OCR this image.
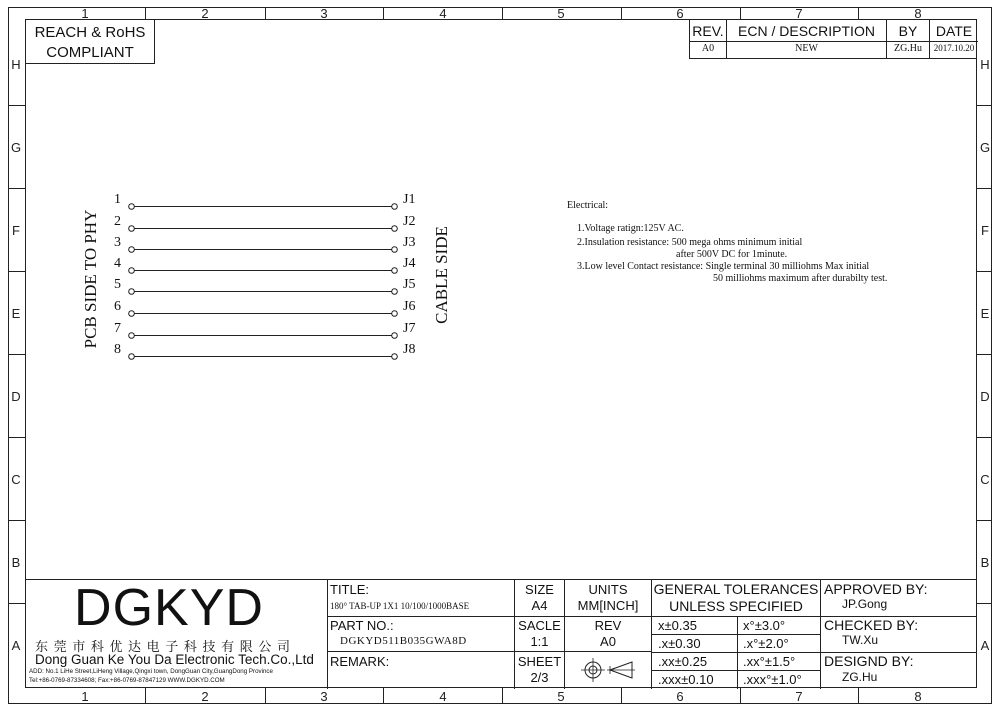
1	2	3	4	5	6	7	8
1	2	3	4	5	6	7	8
H
G
F
E
D
C
B
A
H
G
F
E
D
C
B
A
REACH & RoHS
COMPLIANT
REV.	ECN / DESCRIPTION	BY	DATE
A0	NEW	ZG.Hu	2017.10.20
PCB SIDE TO PHY	CABLE SIDE
1	J1
2	J2
3	J3
4	J4
5	J5
6	J6
7	J7
8	J8
Electrical:
1.Voltage ratign:125V AC.
2.Insulation resistance: 500 mega ohms minimum initial
after 500V DC for 1minute.
3.Low level Contact resistance: Single terminal 30 milliohms Max initial
50 milliohms maximum after durabilty test.
DGKYD
东 莞 市 科 优 达 电 子 科 技 有 限 公 司
Dong Guan Ke You Da Electronic Tech.Co.,Ltd
ADD: No.1 LiHe Street,LiHeng Village,Qingxi town, DongGuan City,GuangDong Province
Tel:+86-0769-87334608; Fax:+86-0769-87847129 WWW.DGKYD.COM
TITLE:
180° TAB-UP 1X1 10/100/1000BASE
PART NO.:
DGKYD511B035GWA8D
REMARK:
SIZE
A4
SACLE
1:1
SHEET
2/3
UNITS
MM[INCH]
REV
A0
GENERAL TOLERANCES
UNLESS SPECIFIED
x±0.35	x°±3.0°
.x±0.30	.x°±2.0°
.xx±0.25	.xx°±1.5°
.xxx±0.10 .xxx°±1.0°
APPROVED BY:
JP.Gong
CHECKED BY:
TW.Xu
DESIGND BY:
ZG.Hu
